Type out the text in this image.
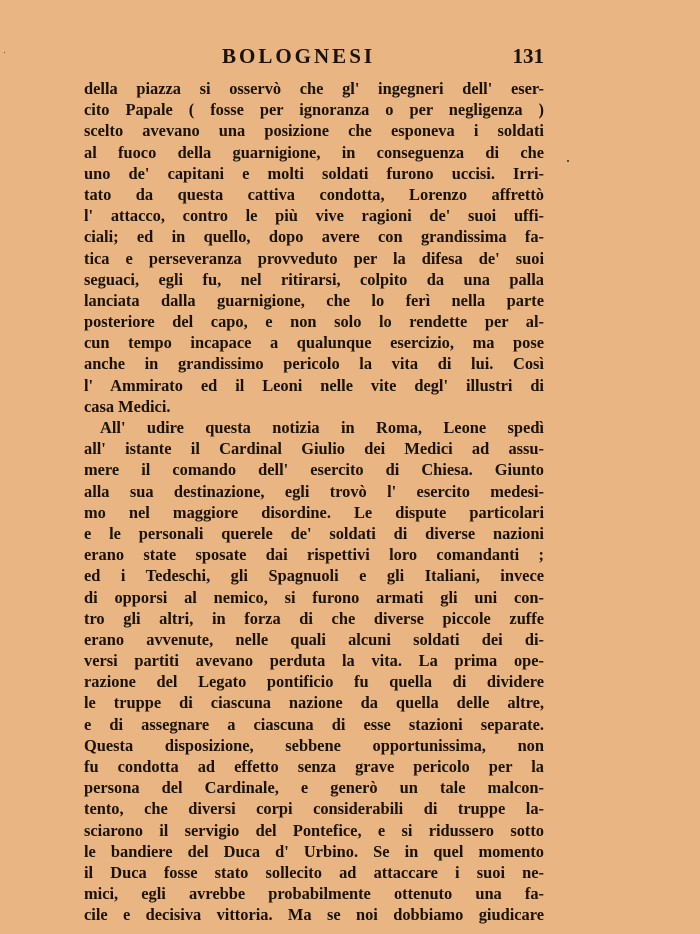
BOLOGNESI	131
della piazza si osservò che gl' ingegneri dell' eser-
cito Papale ( fosse per ignoranza o per negligenza )
scelto avevano una posizione che esponeva i soldati
al fuoco della guarnigione, in conseguenza di che
uno de' capitani e molti soldati furono uccisi. Irri-
tato da questa cattiva condotta, Lorenzo affrettò
l' attacco, contro le più vive ragioni de' suoi uffi-
ciali; ed in quello, dopo avere con grandissima fa-
tica e perseveranza provveduto per la difesa de' suoi
seguaci, egli fu, nel ritirarsi, colpito da una palla
lanciata dalla guarnigione, che lo ferì nella parte
posteriore del capo, e non solo lo rendette per al-
cun tempo incapace a qualunque esercizio, ma pose
anche in grandissimo pericolo la vita di lui. Così
l' Ammirato ed il Leoni nelle vite degl' illustri di
casa Medici.
All' udire questa notizia in Roma, Leone spedì
all' istante il Cardinal Giulio dei Medici ad assu-
mere il comando dell' esercito di Chiesa. Giunto
alla sua destinazione, egli trovò l' esercito medesi-
mo nel maggiore disordine. Le dispute particolari
e le personali querele de' soldati di diverse nazioni
erano state sposate dai rispettivi loro comandanti ;
ed i Tedeschi, gli Spagnuoli e gli Italiani, invece
di opporsi al nemico, si furono armati gli uni con-
tro gli altri, in forza di che diverse piccole zuffe
erano avvenute, nelle quali alcuni soldati dei di-
versi partiti avevano perduta la vita. La prima ope-
razione del Legato pontificio fu quella di dividere
le truppe di ciascuna nazione da quella delle altre,
e di assegnare a ciascuna di esse stazioni separate.
Questa disposizione, sebbene opportunissima, non
fu condotta ad effetto senza grave pericolo per la
persona del Cardinale, e generò un tale malcon-
tento, che diversi corpi considerabili di truppe la-
sciarono il servigio del Pontefice, e si ridussero sotto
le bandiere del Duca d' Urbino. Se in quel momento
il Duca fosse stato sollecito ad attaccare i suoi ne-
mici, egli avrebbe probabilmente ottenuto una fa-
cile e decisiva vittoria. Ma se noi dobbiamo giudicare
